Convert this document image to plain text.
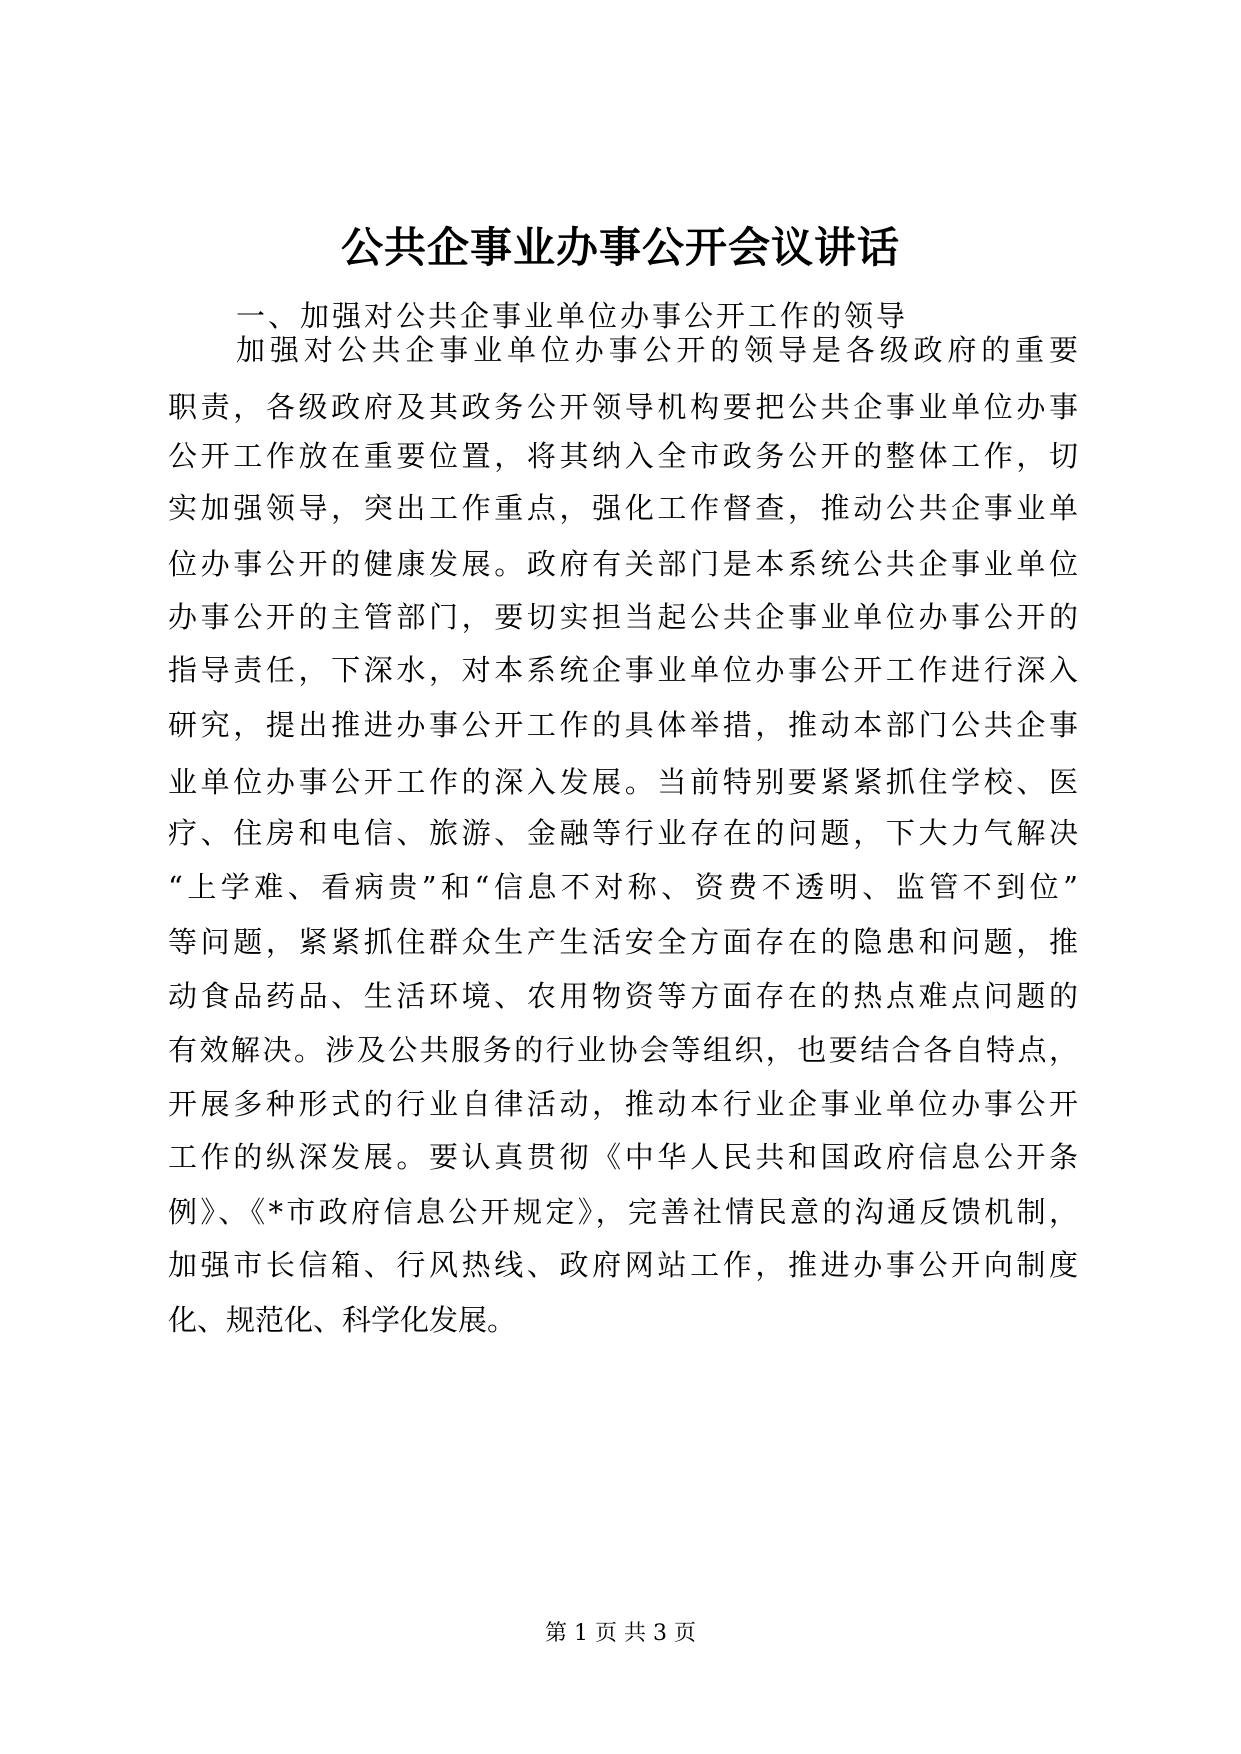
公共企事业办事公开会议讲话
一、加强对公共企事业单位办事公开工作的领导
加强对公共企事业单位办事公开的领导是各级政府的重要
职责，各级政府及其政务公开领导机构要把公共企事业单位办事
公开工作放在重要位置，将其纳入全市政务公开的整体工作，切
实加强领导，突出工作重点，强化工作督查，推动公共企事业单
位办事公开的健康发展。政府有关部门是本系统公共企事业单位
办事公开的主管部门，要切实担当起公共企事业单位办事公开的
指导责任，下深水，对本系统企事业单位办事公开工作进行深入
研究，提出推进办事公开工作的具体举措，推动本部门公共企事
业单位办事公开工作的深入发展。当前特别要紧紧抓住学校、医
疗、住房和电信、旅游、金融等行业存在的问题，下大力气解决
“上学难、看病贵”和“信息不对称、资费不透明、监管不到位”
等问题，紧紧抓住群众生产生活安全方面存在的隐患和问题，推
动食品药品、生活环境、农用物资等方面存在的热点难点问题的
有效解决。涉及公共服务的行业协会等组织，也要结合各自特点，
开展多种形式的行业自律活动，推动本行业企事业单位办事公开
工作的纵深发展。要认真贯彻《中华人民共和国政府信息公开条
例》、《*市政府信息公开规定》，完善社情民意的沟通反馈机制，
加强市长信箱、行风热线、政府网站工作，推进办事公开向制度
化、规范化、科学化发展。
第 1 页 共 3 页
